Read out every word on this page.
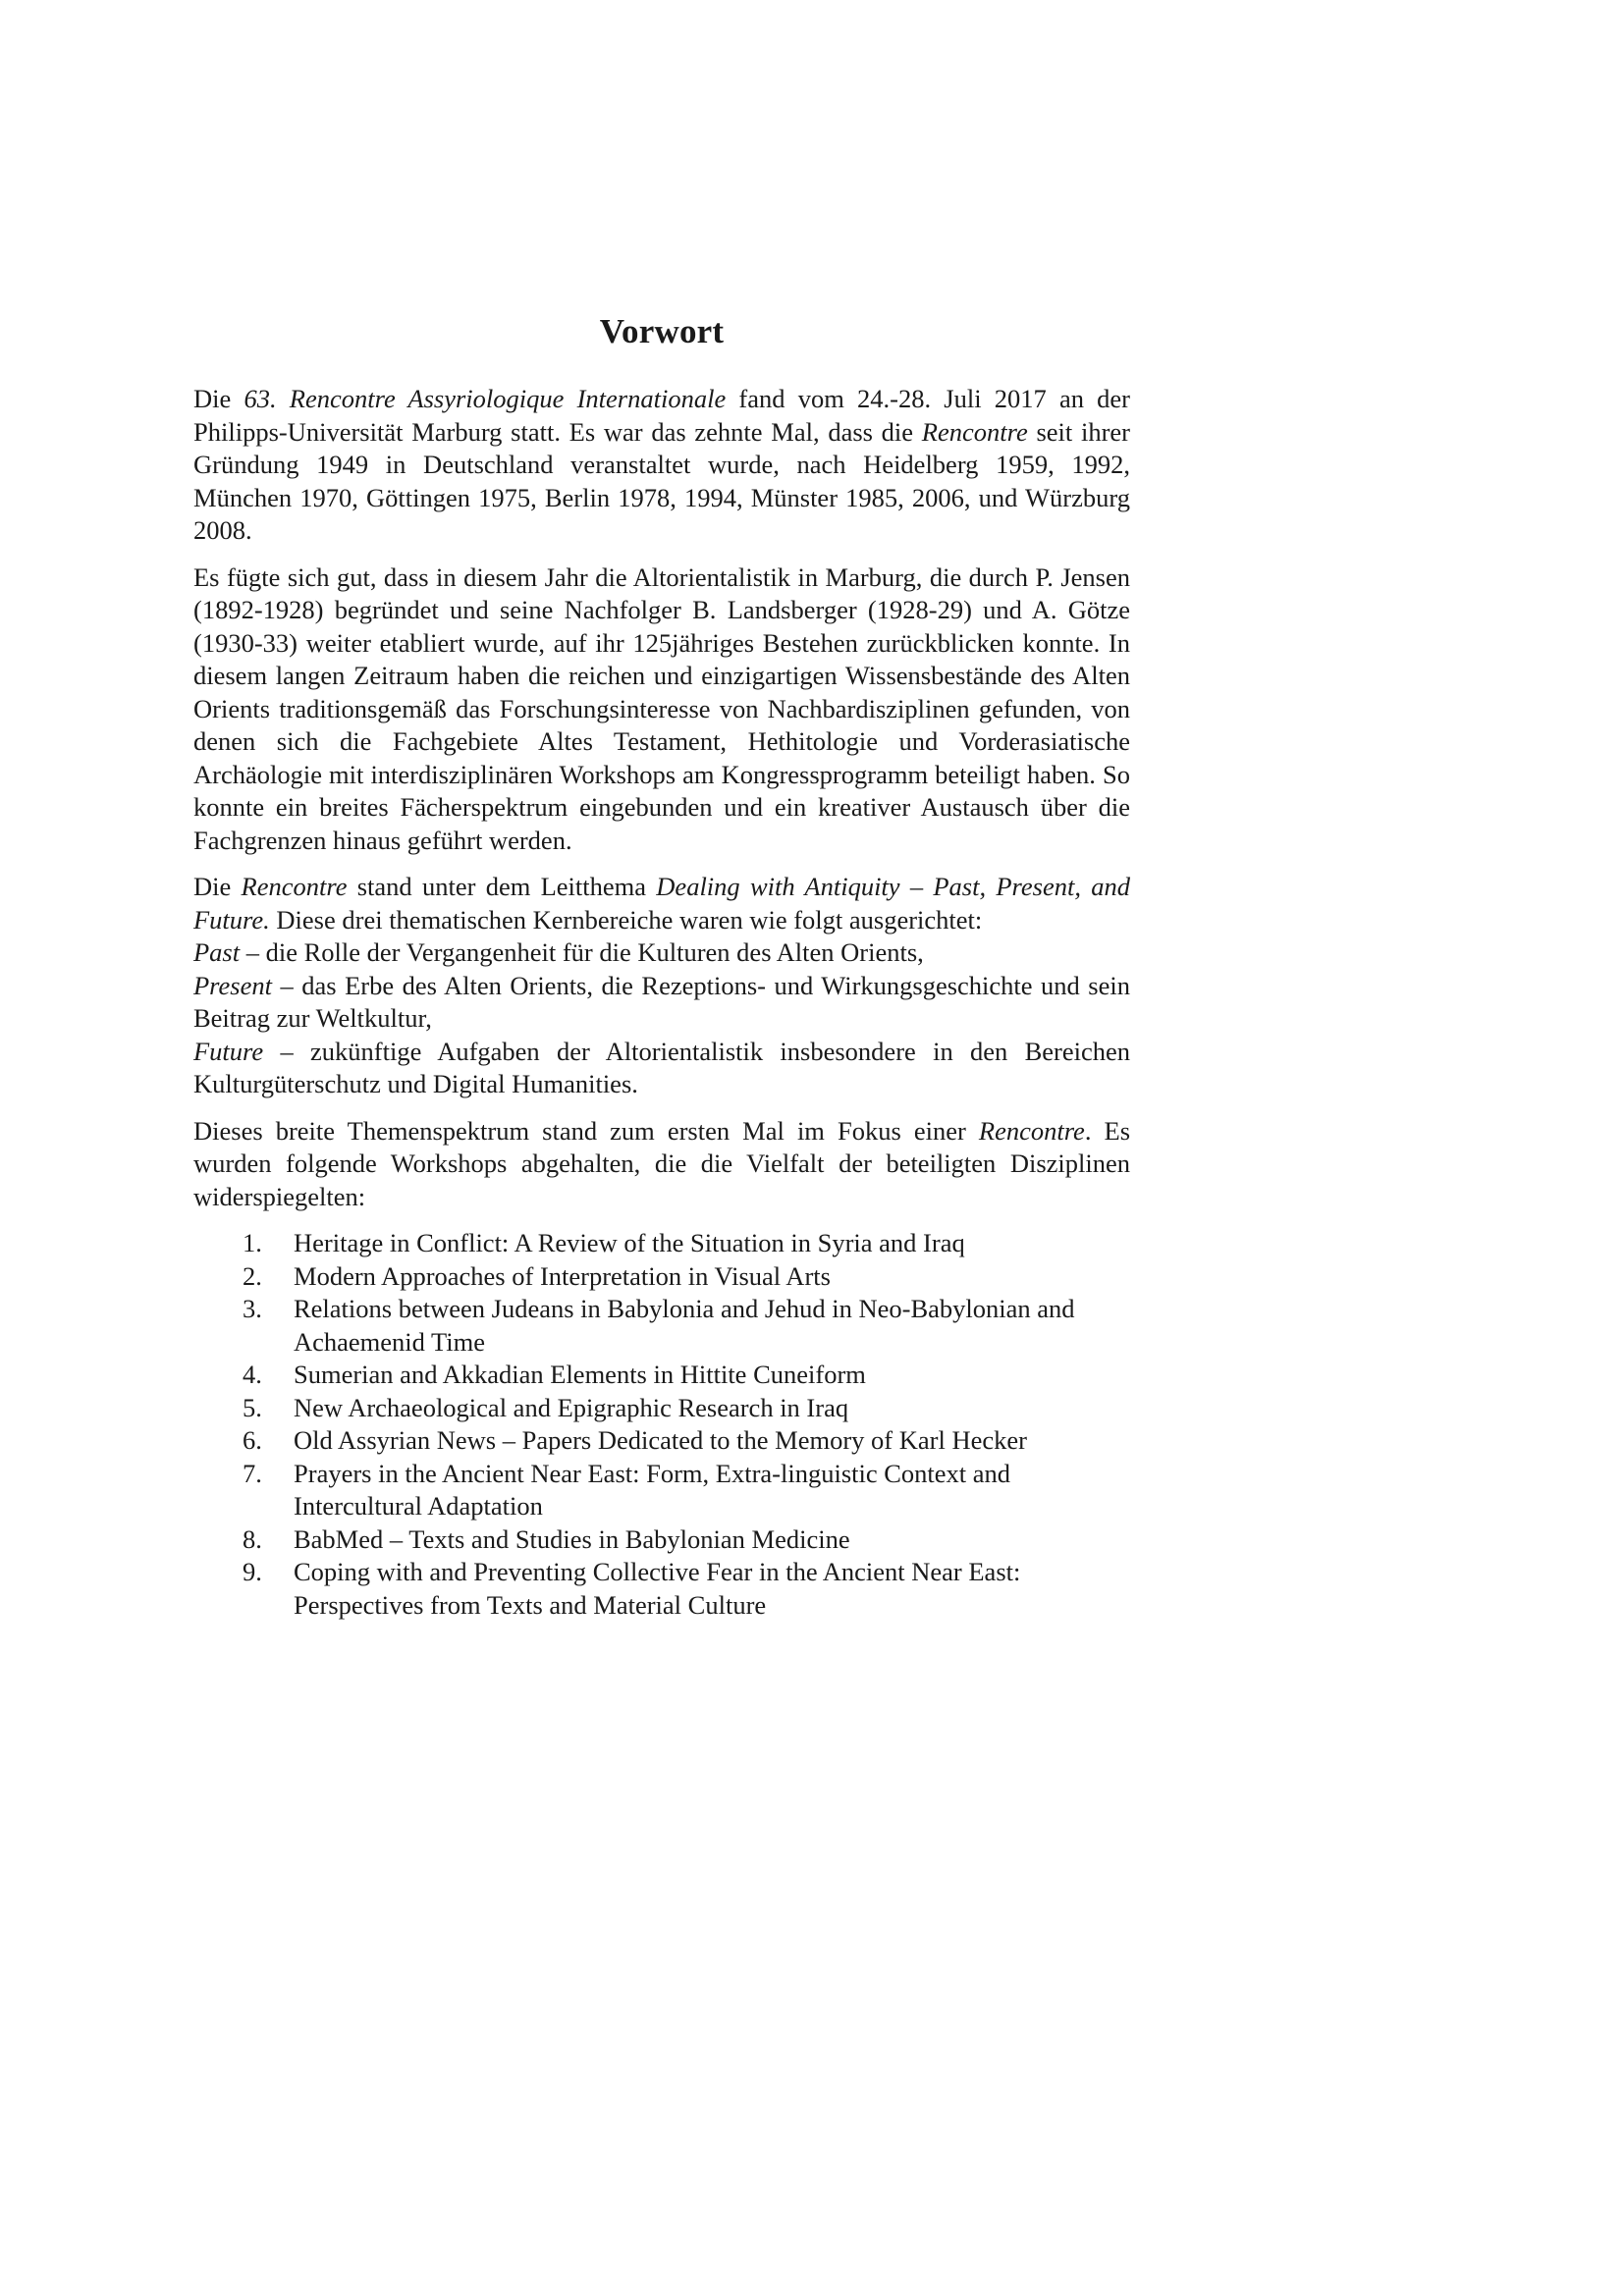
Vorwort

Die 63. Rencontre Assyriologique Internationale fand vom 24.-28. Juli 2017 an der Philipps-Universität Marburg statt. Es war das zehnte Mal, dass die Rencontre seit ihrer Gründung 1949 in Deutschland veranstaltet wurde, nach Heidelberg 1959, 1992, München 1970, Göttingen 1975, Berlin 1978, 1994, Münster 1985, 2006, und Würzburg 2008.

Es fügte sich gut, dass in diesem Jahr die Altorientalistik in Marburg, die durch P. Jensen (1892-1928) begründet und seine Nachfolger B. Landsberger (1928-29) und A. Götze (1930-33) weiter etabliert wurde, auf ihr 125jähriges Bestehen zurückblicken konnte. In diesem langen Zeitraum haben die reichen und einzigartigen Wissensbestände des Alten Orients traditionsgemäß das Forschungsinteresse von Nachbardisziplinen gefunden, von denen sich die Fachgebiete Altes Testament, Hethitologie und Vorderasiatische Archäologie mit interdisziplinären Workshops am Kongressprogramm beteiligt haben. So konnte ein breites Fächerspektrum eingebunden und ein kreativer Austausch über die Fachgrenzen hinaus geführt werden.

Die Rencontre stand unter dem Leitthema Dealing with Antiquity – Past, Present, and Future. Diese drei thematischen Kernbereiche waren wie folgt ausgerichtet:
Past – die Rolle der Vergangenheit für die Kulturen des Alten Orients,
Present – das Erbe des Alten Orients, die Rezeptions- und Wirkungsgeschichte und sein Beitrag zur Weltkultur,
Future – zukünftige Aufgaben der Altorientalistik insbesondere in den Bereichen Kulturgüterschutz und Digital Humanities.

Dieses breite Themenspektrum stand zum ersten Mal im Fokus einer Rencontre. Es wurden folgende Workshops abgehalten, die die Vielfalt der beteiligten Disziplinen widerspiegelten:

1.	Heritage in Conflict: A Review of the Situation in Syria and Iraq
2.	Modern Approaches of Interpretation in Visual Arts
3.	Relations between Judeans in Babylonia and Jehud in Neo-Babylonian and Achaemenid Time
4.	Sumerian and Akkadian Elements in Hittite Cuneiform
5.	New Archaeological and Epigraphic Research in Iraq
6.	Old Assyrian News – Papers Dedicated to the Memory of Karl Hecker
7.	Prayers in the Ancient Near East: Form, Extra-linguistic Context and Intercultural Adaptation
8.	BabMed – Texts and Studies in Babylonian Medicine
9.	Coping with and Preventing Collective Fear in the Ancient Near East: Perspectives from Texts and Material Culture
